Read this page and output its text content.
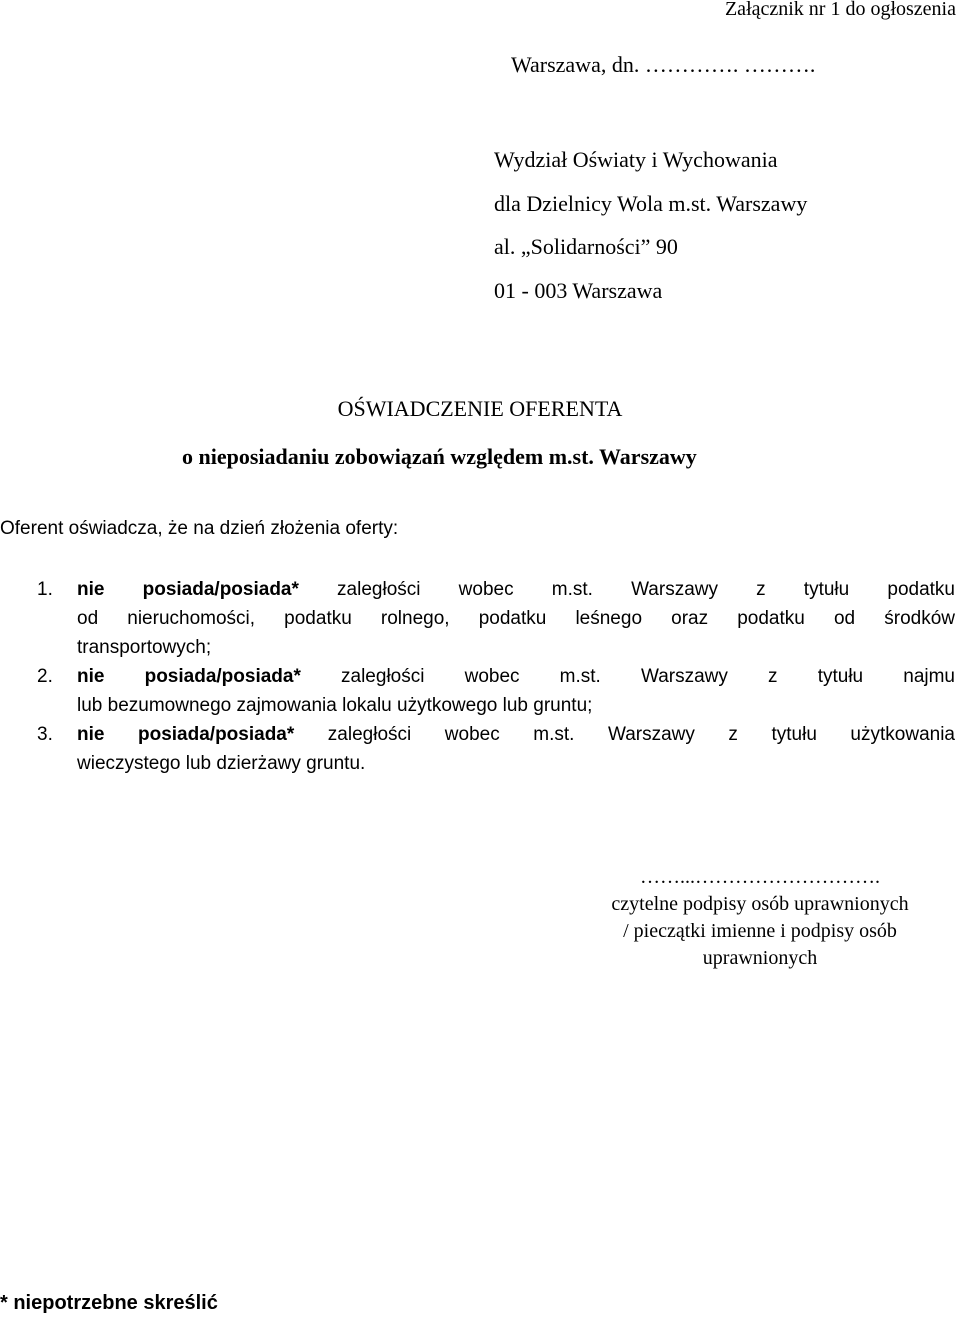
Załącznik nr 1 do ogłoszenia
Warszawa, dn. …………. ……….
Wydział Oświaty i Wychowania
dla Dzielnicy Wola m.st. Warszawy
al. „Solidarności” 90
01 - 003 Warszawa
OŚWIADCZENIE OFERENTA
o nieposiadaniu zobowiązań względem m.st. Warszawy
Oferent oświadcza, że na dzień złożenia oferty:
1. nie posiada/posiada* zaległości wobec m.st. Warszawy z tytułu podatku
od nieruchomości, podatku rolnego, podatku leśnego oraz podatku od środków
transportowych;
2. nie posiada/posiada* zaległości wobec m.st. Warszawy z tytułu najmu
lub bezumownego zajmowania lokalu użytkowego lub gruntu;
3. nie posiada/posiada* zaległości wobec m.st. Warszawy z tytułu użytkowania
wieczystego lub dzierżawy gruntu.
……...……………………….
czytelne podpisy osób uprawnionych
/ pieczątki imienne i podpisy osób
uprawnionych
* niepotrzebne skreślić
